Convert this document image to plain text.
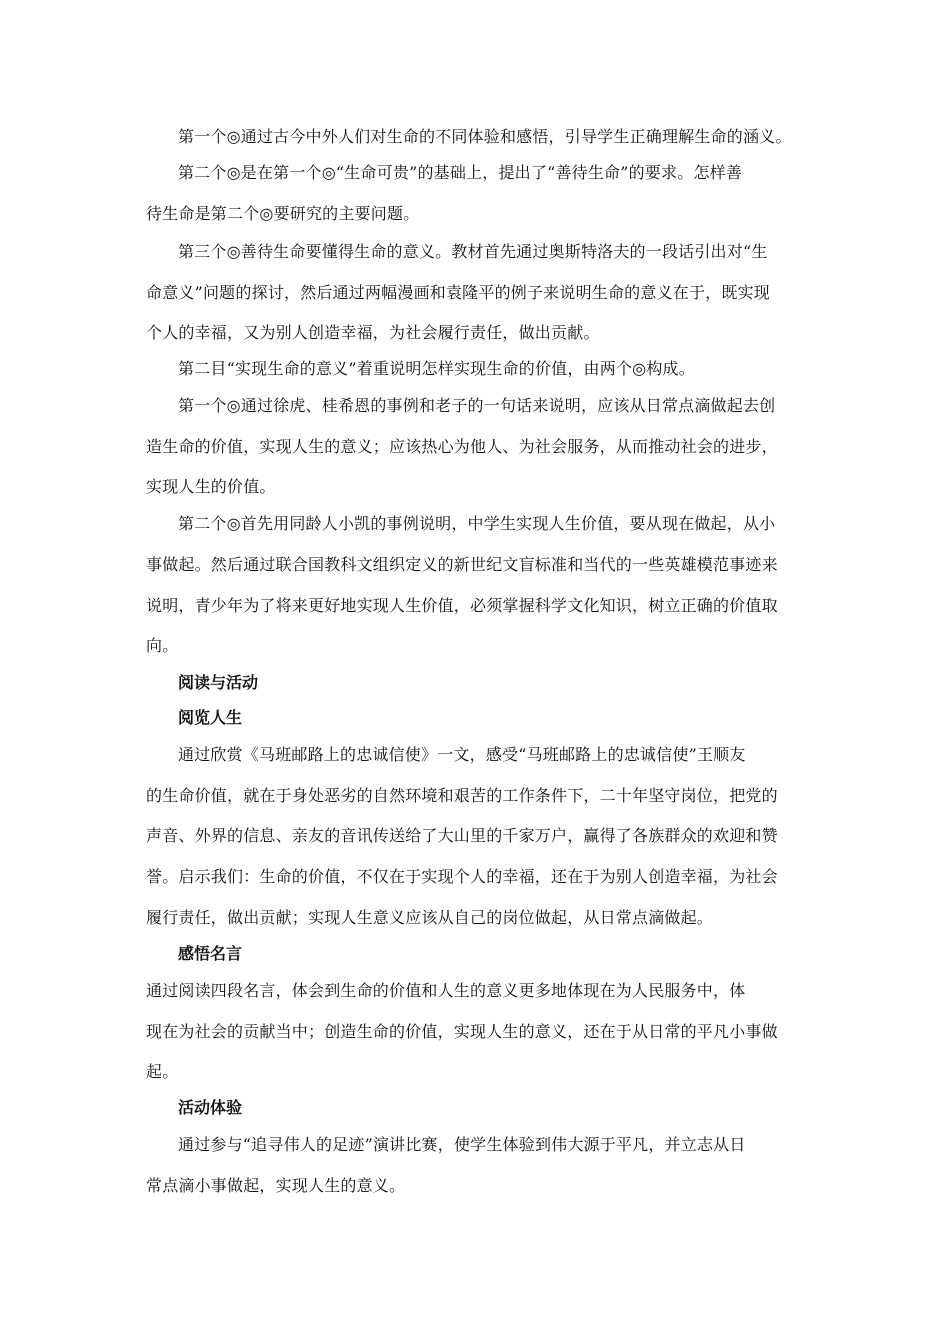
第一个◎通过古今中外人们对生命的不同体验和感悟，引导学生正确理解生命的涵义。
第二个◎是在第一个◎“生命可贵”的基础上，提出了“善待生命”的要求。怎样善
待生命是第二个◎要研究的主要问题。
第三个◎善待生命要懂得生命的意义。教材首先通过奥斯特洛夫的一段话引出对“生
命意义”问题的探讨，然后通过两幅漫画和袁隆平的例子来说明生命的意义在于，既实现
个人的幸福，又为别人创造幸福，为社会履行责任，做出贡献。
第二目“实现生命的意义”着重说明怎样实现生命的价值，由两个◎构成。
第一个◎通过徐虎、桂希恩的事例和老子的一句话来说明，应该从日常点滴做起去创
造生命的价值，实现人生的意义；应该热心为他人、为社会服务，从而推动社会的进步，
实现人生的价值。
第二个◎首先用同龄人小凯的事例说明，中学生实现人生价值，要从现在做起，从小
事做起。然后通过联合国教科文组织定义的新世纪文盲标准和当代的一些英雄模范事迹来
说明，青少年为了将来更好地实现人生价值，必须掌握科学文化知识，树立正确的价值取
向。
阅读与活动
阅览人生
通过欣赏《马班邮路上的忠诚信使》一文，感受“马班邮路上的忠诚信使”王顺友
的生命价值，就在于身处恶劣的自然环境和艰苦的工作条件下，二十年坚守岗位，把党的
声音、外界的信息、亲友的音讯传送给了大山里的千家万户，赢得了各族群众的欢迎和赞
誉。启示我们：生命的价值，不仅在于实现个人的幸福，还在于为别人创造幸福，为社会
履行责任，做出贡献；实现人生意义应该从自己的岗位做起，从日常点滴做起。
感悟名言
通过阅读四段名言，体会到生命的价值和人生的意义更多地体现在为人民服务中，体
现在为社会的贡献当中；创造生命的价值，实现人生的意义，还在于从日常的平凡小事做
起。
活动体验
通过参与“追寻伟人的足迹”演讲比赛，使学生体验到伟大源于平凡，并立志从日
常点滴小事做起，实现人生的意义。
